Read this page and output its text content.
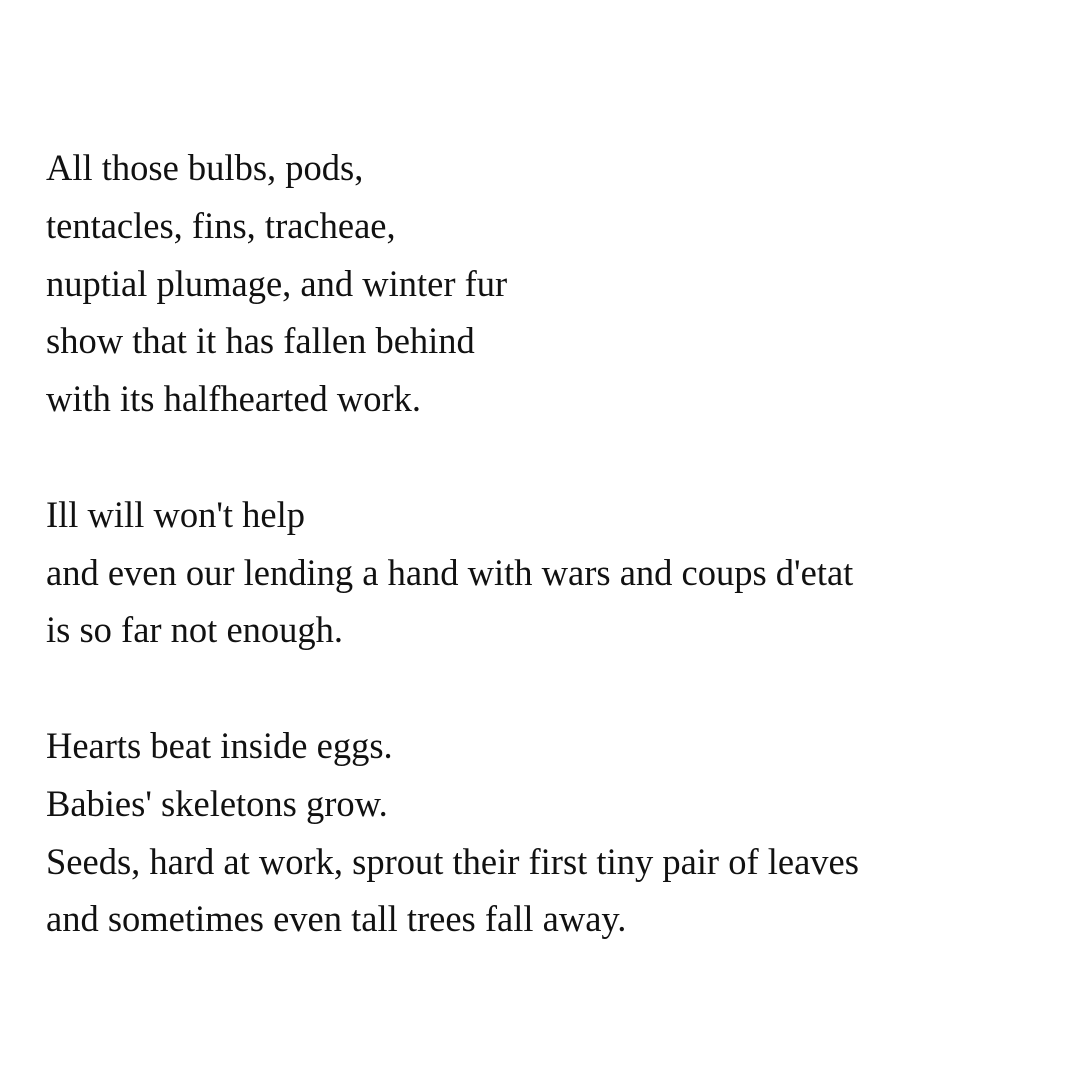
All those bulbs, pods,
tentacles, fins, tracheae,
nuptial plumage, and winter fur
show that it has fallen behind
with its halfhearted work.
Ill will won't help
and even our lending a hand with wars and coups d'etat
is so far not enough.
Hearts beat inside eggs.
Babies' skeletons grow.
Seeds, hard at work, sprout their first tiny pair of leaves
and sometimes even tall trees fall away.
